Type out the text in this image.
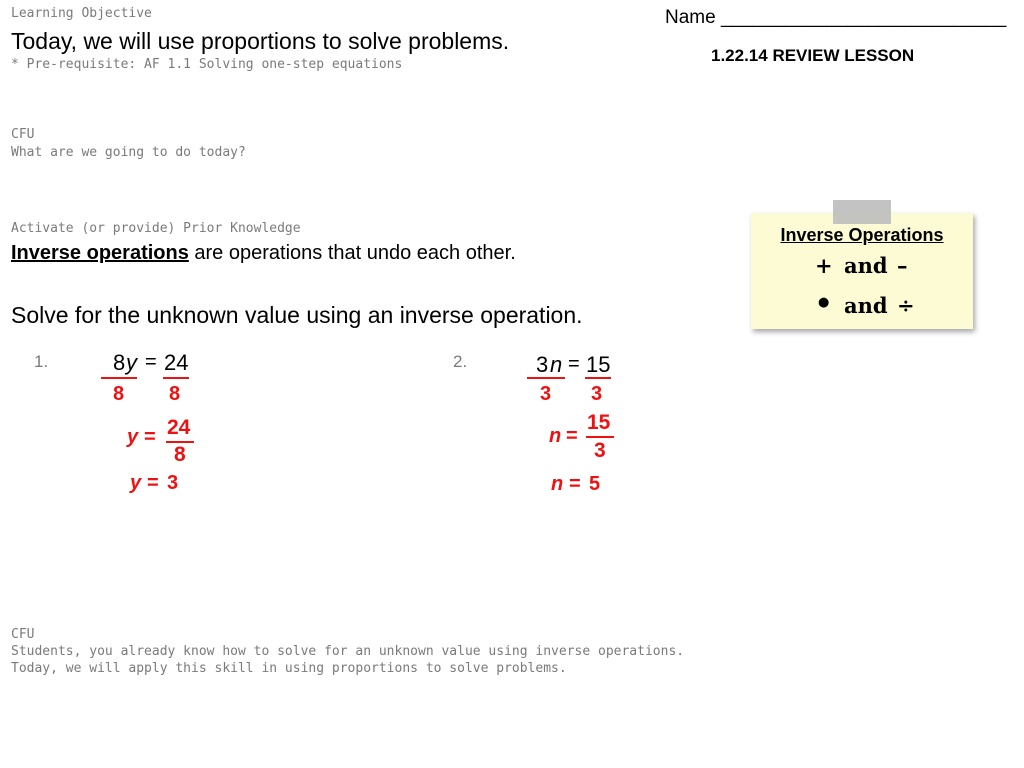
Learning Objective
Today, we will use proportions to solve problems.
* Pre-requisite: AF 1.1 Solving one-step equations
Name ___________________________
1.22.14 REVIEW LESSON
CFU
What are we going to do today?
Activate (or provide) Prior Knowledge
Inverse operations are operations that undo each other.
Solve for the unknown value using an inverse operation.
Inverse Operations
+ and –
● and ÷
1.	8 y = 24
8 8
y = 24
8
y = 3
2.	3 n = 15
3 3
n =
15
3
n = 5
CFU
Students, you already know how to solve for an unknown value using inverse operations.
Today, we will apply this skill in using proportions to solve problems.
